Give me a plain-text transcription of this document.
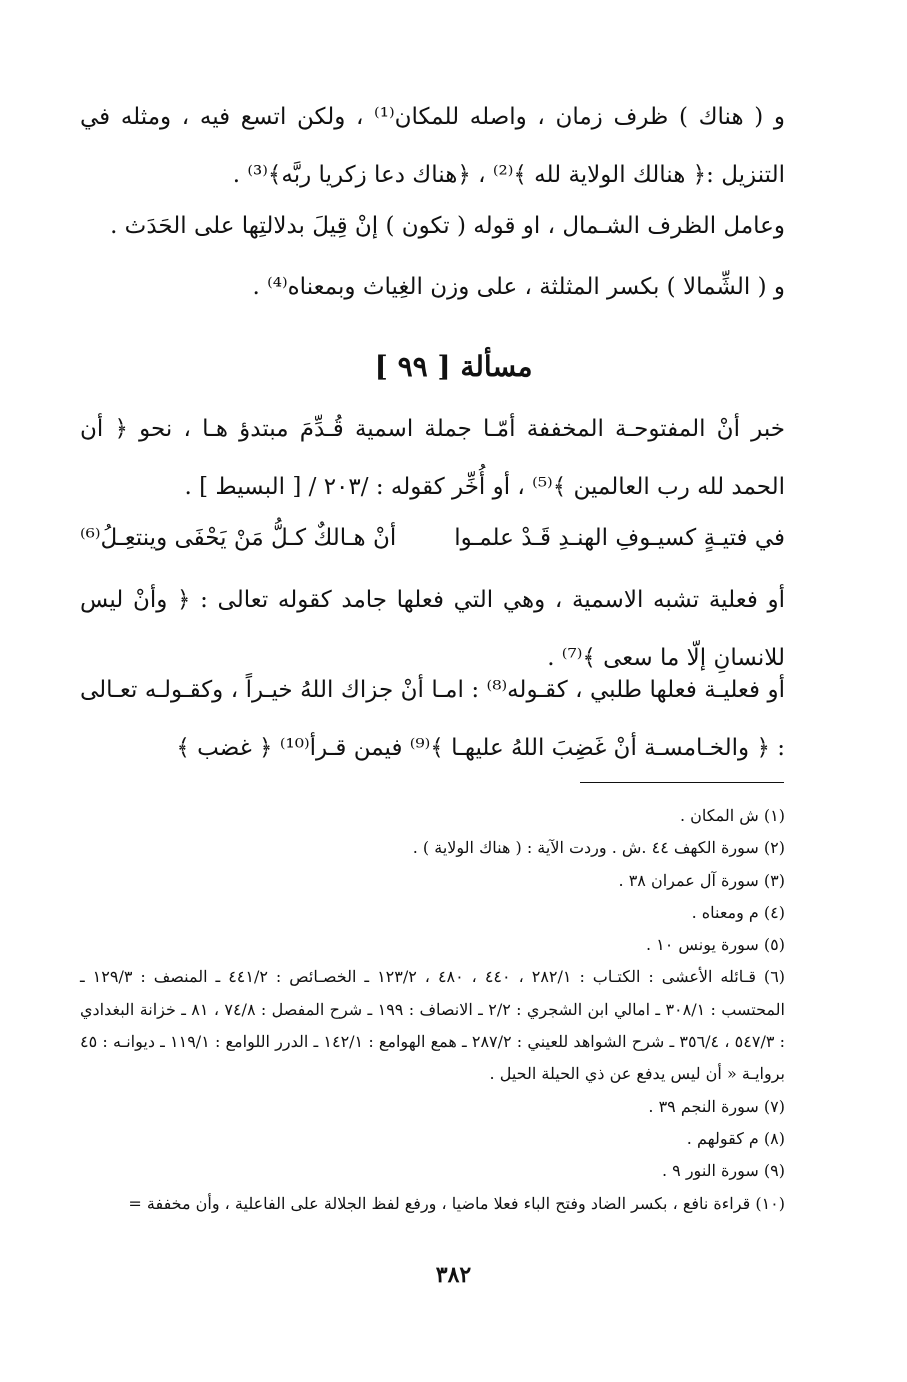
و ( هناك ) ظرف زمان ، واصله للمكان⁽¹⁾ ، ولكن اتسع فيه ، ومثله في التنزيل :﴿ هنالك الولاية لله ﴾⁽²⁾ ، ﴿هناك دعا زكريا ربَّه﴾⁽³⁾ .

وعامل الظرف الشـمال ، او قوله ( تكون ) إنْ قِيلَ بدلالتِها على الحَدَث .

و ( الشِّمالا ) بكسر المثلثة ، على وزن الغِياث وبمعناه⁽⁴⁾ .

مسألة [ ٩٩ ]

خبر أنْ المفتوحـة المخففة أمّـا جملة اسمية قُـدِّمَ مبتدؤ هـا ، نحو ﴿ أن الحمد لله رب العالمين ﴾⁽⁵⁾ ، أو أُخِّر كقوله : /٢٠٣ / [ البسيط ] .

في فتيـةٍ كسيـوفِ الهنـدِ قَـدْ علمـوا
أنْ هـالكٌ كـلُّ مَنْ يَحْفَى وينتعِـلُ⁽⁶⁾

أو فعلية تشبه الاسمية ، وهي التي فعلها جامد كقوله تعالى : ﴿ وأنْ ليس للانسانِ إلّا ما سعى ﴾⁽⁷⁾ .

أو فعليـة فعلها طلبي ، كقـوله⁽⁸⁾ : امـا أنْ جزاك اللهُ خيـراً ، وكقـولـه تعـالى : ﴿ والخـامسـة أنْ غَضِبَ اللهُ عليهـا ﴾⁽⁹⁾ فيمن قـرأ⁽¹⁰⁾ ﴿ غضب ﴾

(١) ش المكان .
(٢) سورة الكهف ٤٤ .ش . وردت الآية : ( هناك الولاية ) .
(٣) سورة آل عمران ٣٨ .
(٤) م ومعناه .
(٥) سورة يونس ١٠ .
(٦) قـائله الأعشى : الكتـاب : ٢٨٢/١ ، ٤٤٠ ، ٤٨٠ ، ١٢٣/٢ ـ الخصـائص : ٤٤١/٢ ـ المنصف : ١٢٩/٣ ـ المحتسب : ٣٠٨/١ ـ امالي ابن الشجري : ٢/٢ ـ الانصاف : ١٩٩ ـ شرح المفصل : ٧٤/٨ ، ٨١ ـ خزانة البغدادي : ٥٤٧/٣ ، ٣٥٦/٤ ـ شرح الشواهد للعيني : ٢٨٧/٢ ـ همع الهوامع : ١٤٢/١ ـ الدرر اللوامع : ١١٩/١ ـ ديوانـه : ٤٥ بروايـة « أن ليس يدفع عن ذي الحيلة الحيل .
(٧) سورة النجم ٣٩ .
(٨) م كقولهم .
(٩) سورة النور ٩ .
(١٠) قراءة نافع ، بكسر الضاد وفتح الباء فعلا ماضيا ، ورفع لفظ الجلالة على الفاعلية ، وأن مخففة =
٣٨٢
